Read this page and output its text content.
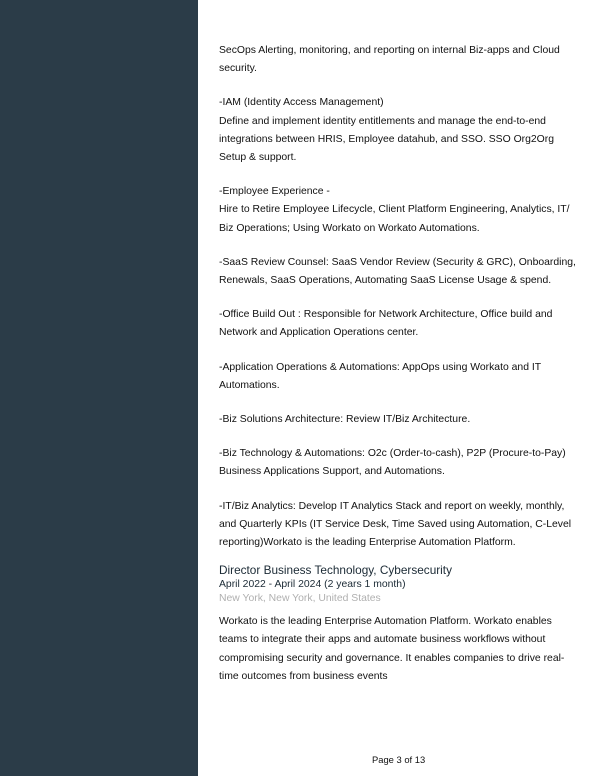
SecOps Alerting, monitoring, and reporting on internal Biz-apps and Cloud
security.

-IAM (Identity Access Management)
Define and implement identity entitlements and manage the end-to-end
integrations between HRIS, Employee datahub, and SSO. SSO Org2Org
Setup & support.

-Employee Experience -
Hire to Retire Employee Lifecycle, Client Platform Engineering, Analytics, IT/
Biz Operations; Using Workato on Workato Automations.

-SaaS Review Counsel: SaaS Vendor Review (Security & GRC), Onboarding,
Renewals, SaaS Operations, Automating SaaS License Usage & spend.

-Office Build Out : Responsible for Network Architecture, Office build and
Network and Application Operations center.

-Application Operations & Automations: AppOps using Workato and IT
Automations.

-Biz Solutions Architecture: Review IT/Biz Architecture.

-Biz Technology & Automations: O2c (Order-to-cash), P2P (Procure-to-Pay)
Business Applications Support, and Automations.

-IT/Biz Analytics: Develop IT Analytics Stack and report on weekly, monthly,
and Quarterly KPIs (IT Service Desk, Time Saved using Automation, C-Level
reporting)Workato is the leading Enterprise Automation Platform.

Director Business Technology, Cybersecurity

April 2022 - April 2024 (2 years 1 month)

New York, New York, United States

Workato is the leading Enterprise Automation Platform. Workato enables
teams to integrate their apps and automate business workflows without
compromising security and governance. It enables companies to drive real-
time outcomes from business events

Page 3 of 13
